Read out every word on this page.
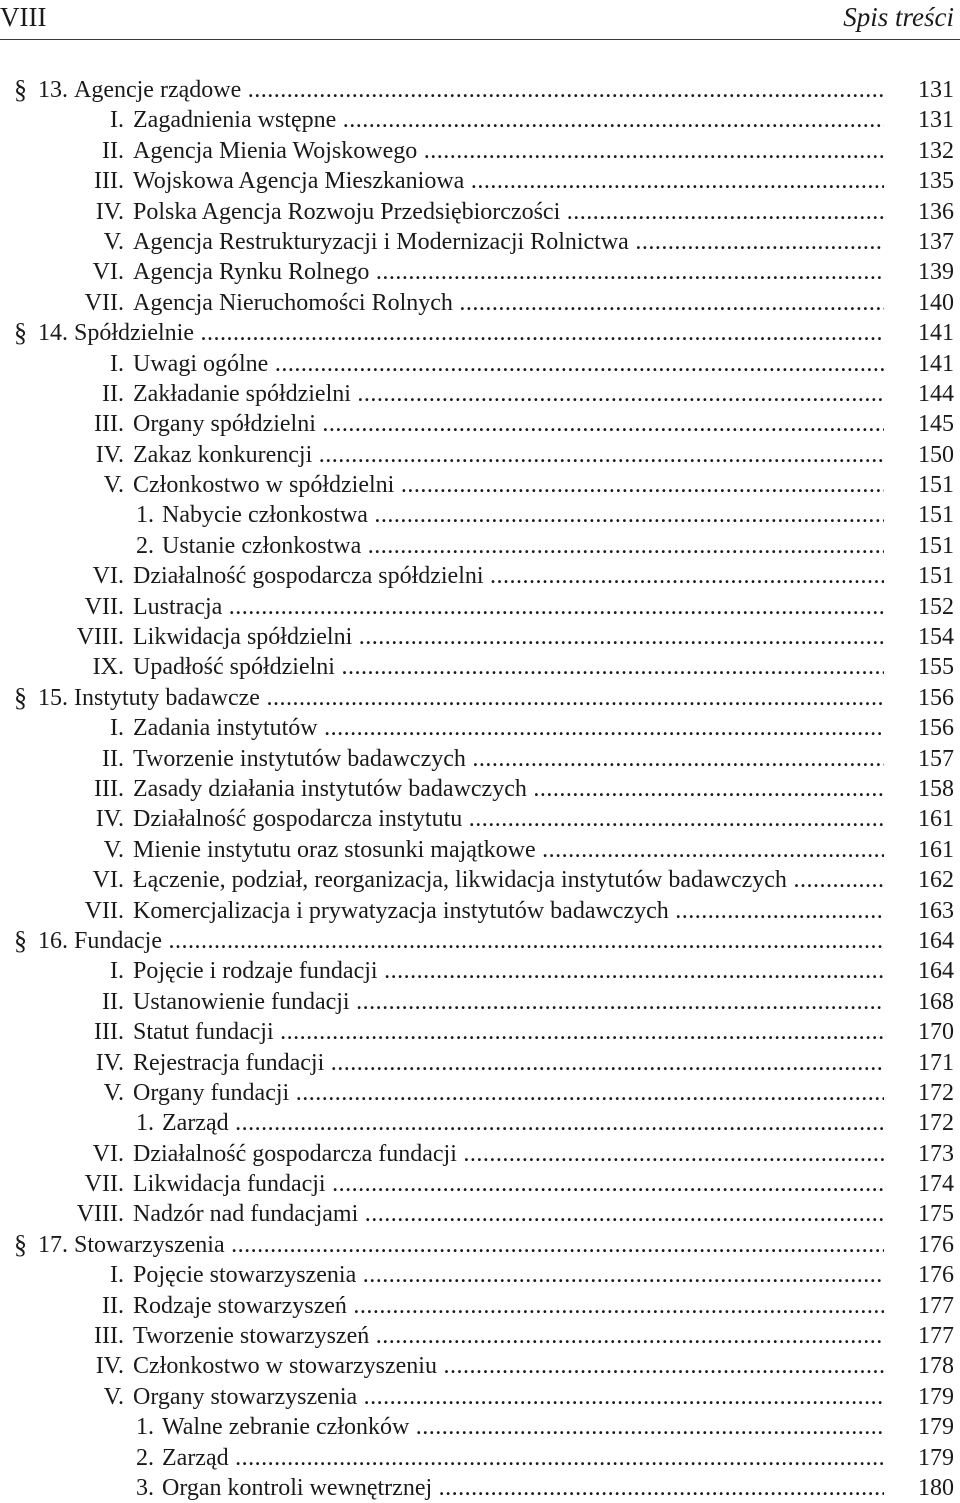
VIII	Spis treści
§ 13. Agencje rządowe .....	131
I. Zagadnienia wstępne .....	131
II. Agencja Mienia Wojskowego .....	132
III. Wojskowa Agencja Mieszkaniowa .....	135
IV. Polska Agencja Rozwoju Przedsiębiorczości .....	136
V. Agencja Restrukturyzacji i Modernizacji Rolnictwa .....	137
VI. Agencja Rynku Rolnego .....	139
VII. Agencja Nieruchomości Rolnych .....	140
§ 14. Spółdzielnie .....	141
I. Uwagi ogólne .....	141
II. Zakładanie spółdzielni .....	144
III. Organy spółdzielni .....	145
IV. Zakaz konkurencji .....	150
V. Członkostwo w spółdzielni .....	151
1. Nabycie członkostwa .....	151
2. Ustanie członkostwa .....	151
VI. Działalność gospodarcza spółdzielni .....	151
VII. Lustracja .....	152
VIII. Likwidacja spółdzielni .....	154
IX. Upadłość spółdzielni .....	155
§ 15. Instytuty badawcze .....	156
I. Zadania instytutów .....	156
II. Tworzenie instytutów badawczych .....	157
III. Zasady działania instytutów badawczych .....	158
IV. Działalność gospodarcza instytutu .....	161
V. Mienie instytutu oraz stosunki majątkowe .....	161
VI. Łączenie, podział, reorganizacja, likwidacja instytutów badawczych .....	162
VII. Komercjalizacja i prywatyzacja instytutów badawczych .....	163
§ 16. Fundacje .....	164
I. Pojęcie i rodzaje fundacji .....	164
II. Ustanowienie fundacji .....	168
III. Statut fundacji .....	170
IV. Rejestracja fundacji .....	171
V. Organy fundacji .....	172
1. Zarząd .....	172
VI. Działalność gospodarcza fundacji .....	173
VII. Likwidacja fundacji .....	174
VIII. Nadzór nad fundacjami .....	175
§ 17. Stowarzyszenia .....	176
I. Pojęcie stowarzyszenia .....	176
II. Rodzaje stowarzyszeń .....	177
III. Tworzenie stowarzyszeń .....	177
IV. Członkostwo w stowarzyszeniu .....	178
V. Organy stowarzyszenia .....	179
1. Walne zebranie członków .....	179
2. Zarząd .....	179
3. Organ kontroli wewnętrznej .....	180
